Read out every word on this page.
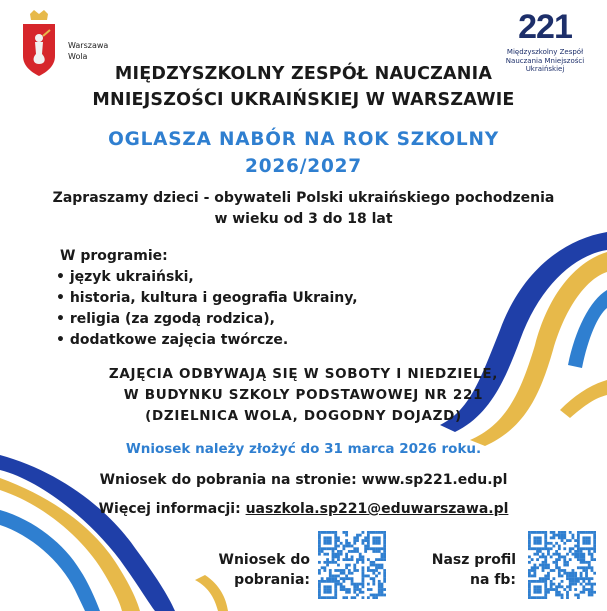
Warszawa
Wola
221
Międzyszkolny Zespół
Nauczania Mniejszości
Ukraińskiej
MIĘDZYSZKOLNY ZESPÓŁ NAUCZANIA
MNIEJSZOŚCI UKRAIŃSKIEJ W WARSZAWIE
OGLASZA NABÓR NA ROK SZKOLNY
2026/2027
Zapraszamy dzieci - obywateli Polski ukraińskiego pochodzenia
w wieku od 3 do 18 lat
W programie:
• język ukraiński,
• historia, kultura i geografia Ukrainy,
• religia (za zgodą rodzica),
• dodatkowe zajęcia twórcze.
ZAJĘCIA ODBYWAJĄ SIĘ W SOBOTY I NIEDZIELE,
W BUDYNKU SZKOLY PODSTAWOWEJ NR 221
(DZIELNICA WOLA, DOGODNY DOJAZD)
Wniosek należy złożyć do 31 marca 2026 roku.
Wniosek do pobrania na stronie: www.sp221.edu.pl
Więcej informacji: uaszkola.sp221@eduwarszawa.pl
Wniosek do
pobrania:
Nasz profil
na fb:
